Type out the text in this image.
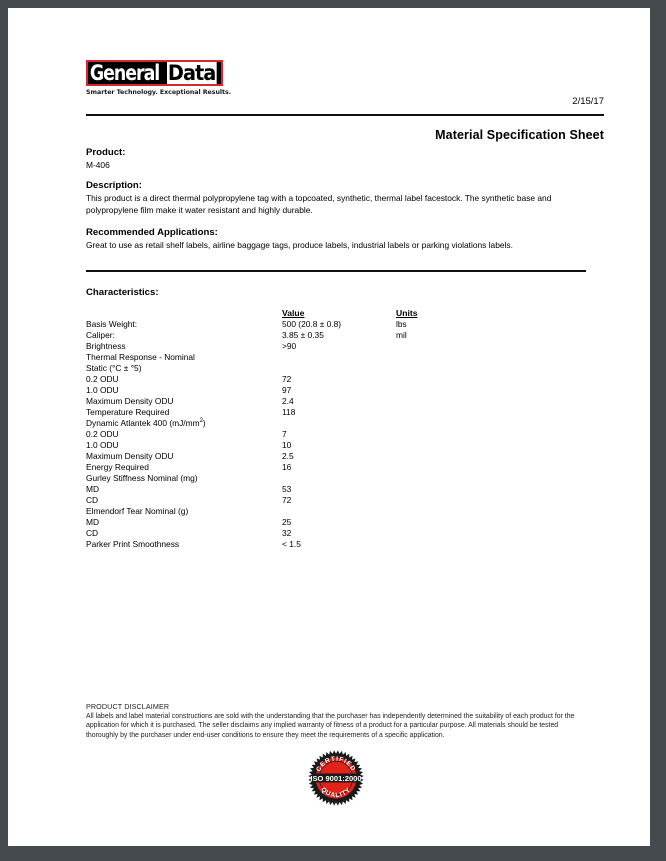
General Data
Smarter Technology. Exceptional Results.
2/15/17
Material Specification Sheet

Product:

M-406

Description:

This product is a direct thermal polypropylene tag with a topcoated, synthetic, thermal label facestock. The synthetic base and polypropylene film make it water resistant and highly durable.

Recommended Applications:

Great to use as retail shelf labels, airline baggage tags, produce labels, industrial labels or parking violations labels.

Characteristics:

	Value	Units
Basis Weight:	500 (20.8 ± 0.8)	lbs
Caliper:	3.85 ± 0.35	mil
Brightness	>90	
Thermal Response - Nominal		
Static (°C ± °5)		
0.2 ODU	72	
1.0 ODU	97	
Maximum Density ODU	2.4	
Temperature Required	118	
Dynamic Atlantek 400 $(mJ/mm^2)$		
0.2 ODU	7	
1.0 ODU	10	
Maximum Density ODU	2.5	
Energy Required	16	
Gurley Stiffness Nominal (mg)		
MD	53	
CD	72	
Elmendorf Tear Nominal (g)		
MD	25	
CD	32	
Parker Print Smoothness	< 1.5	

PRODUCT DISCLAIMER

All labels and label material constructions are sold with the understanding that the purchaser has independently determined the suitability of each product for the application for which it is purchased. The seller disclaims any implied warranty of fitness of a product for a particular purpose. All materials should be tested thoroughly by the purchaser under end-user conditions to ensure they meet the requirements of a specific application.

ISO 9001:2000
CERTIFIED
QUALITY
